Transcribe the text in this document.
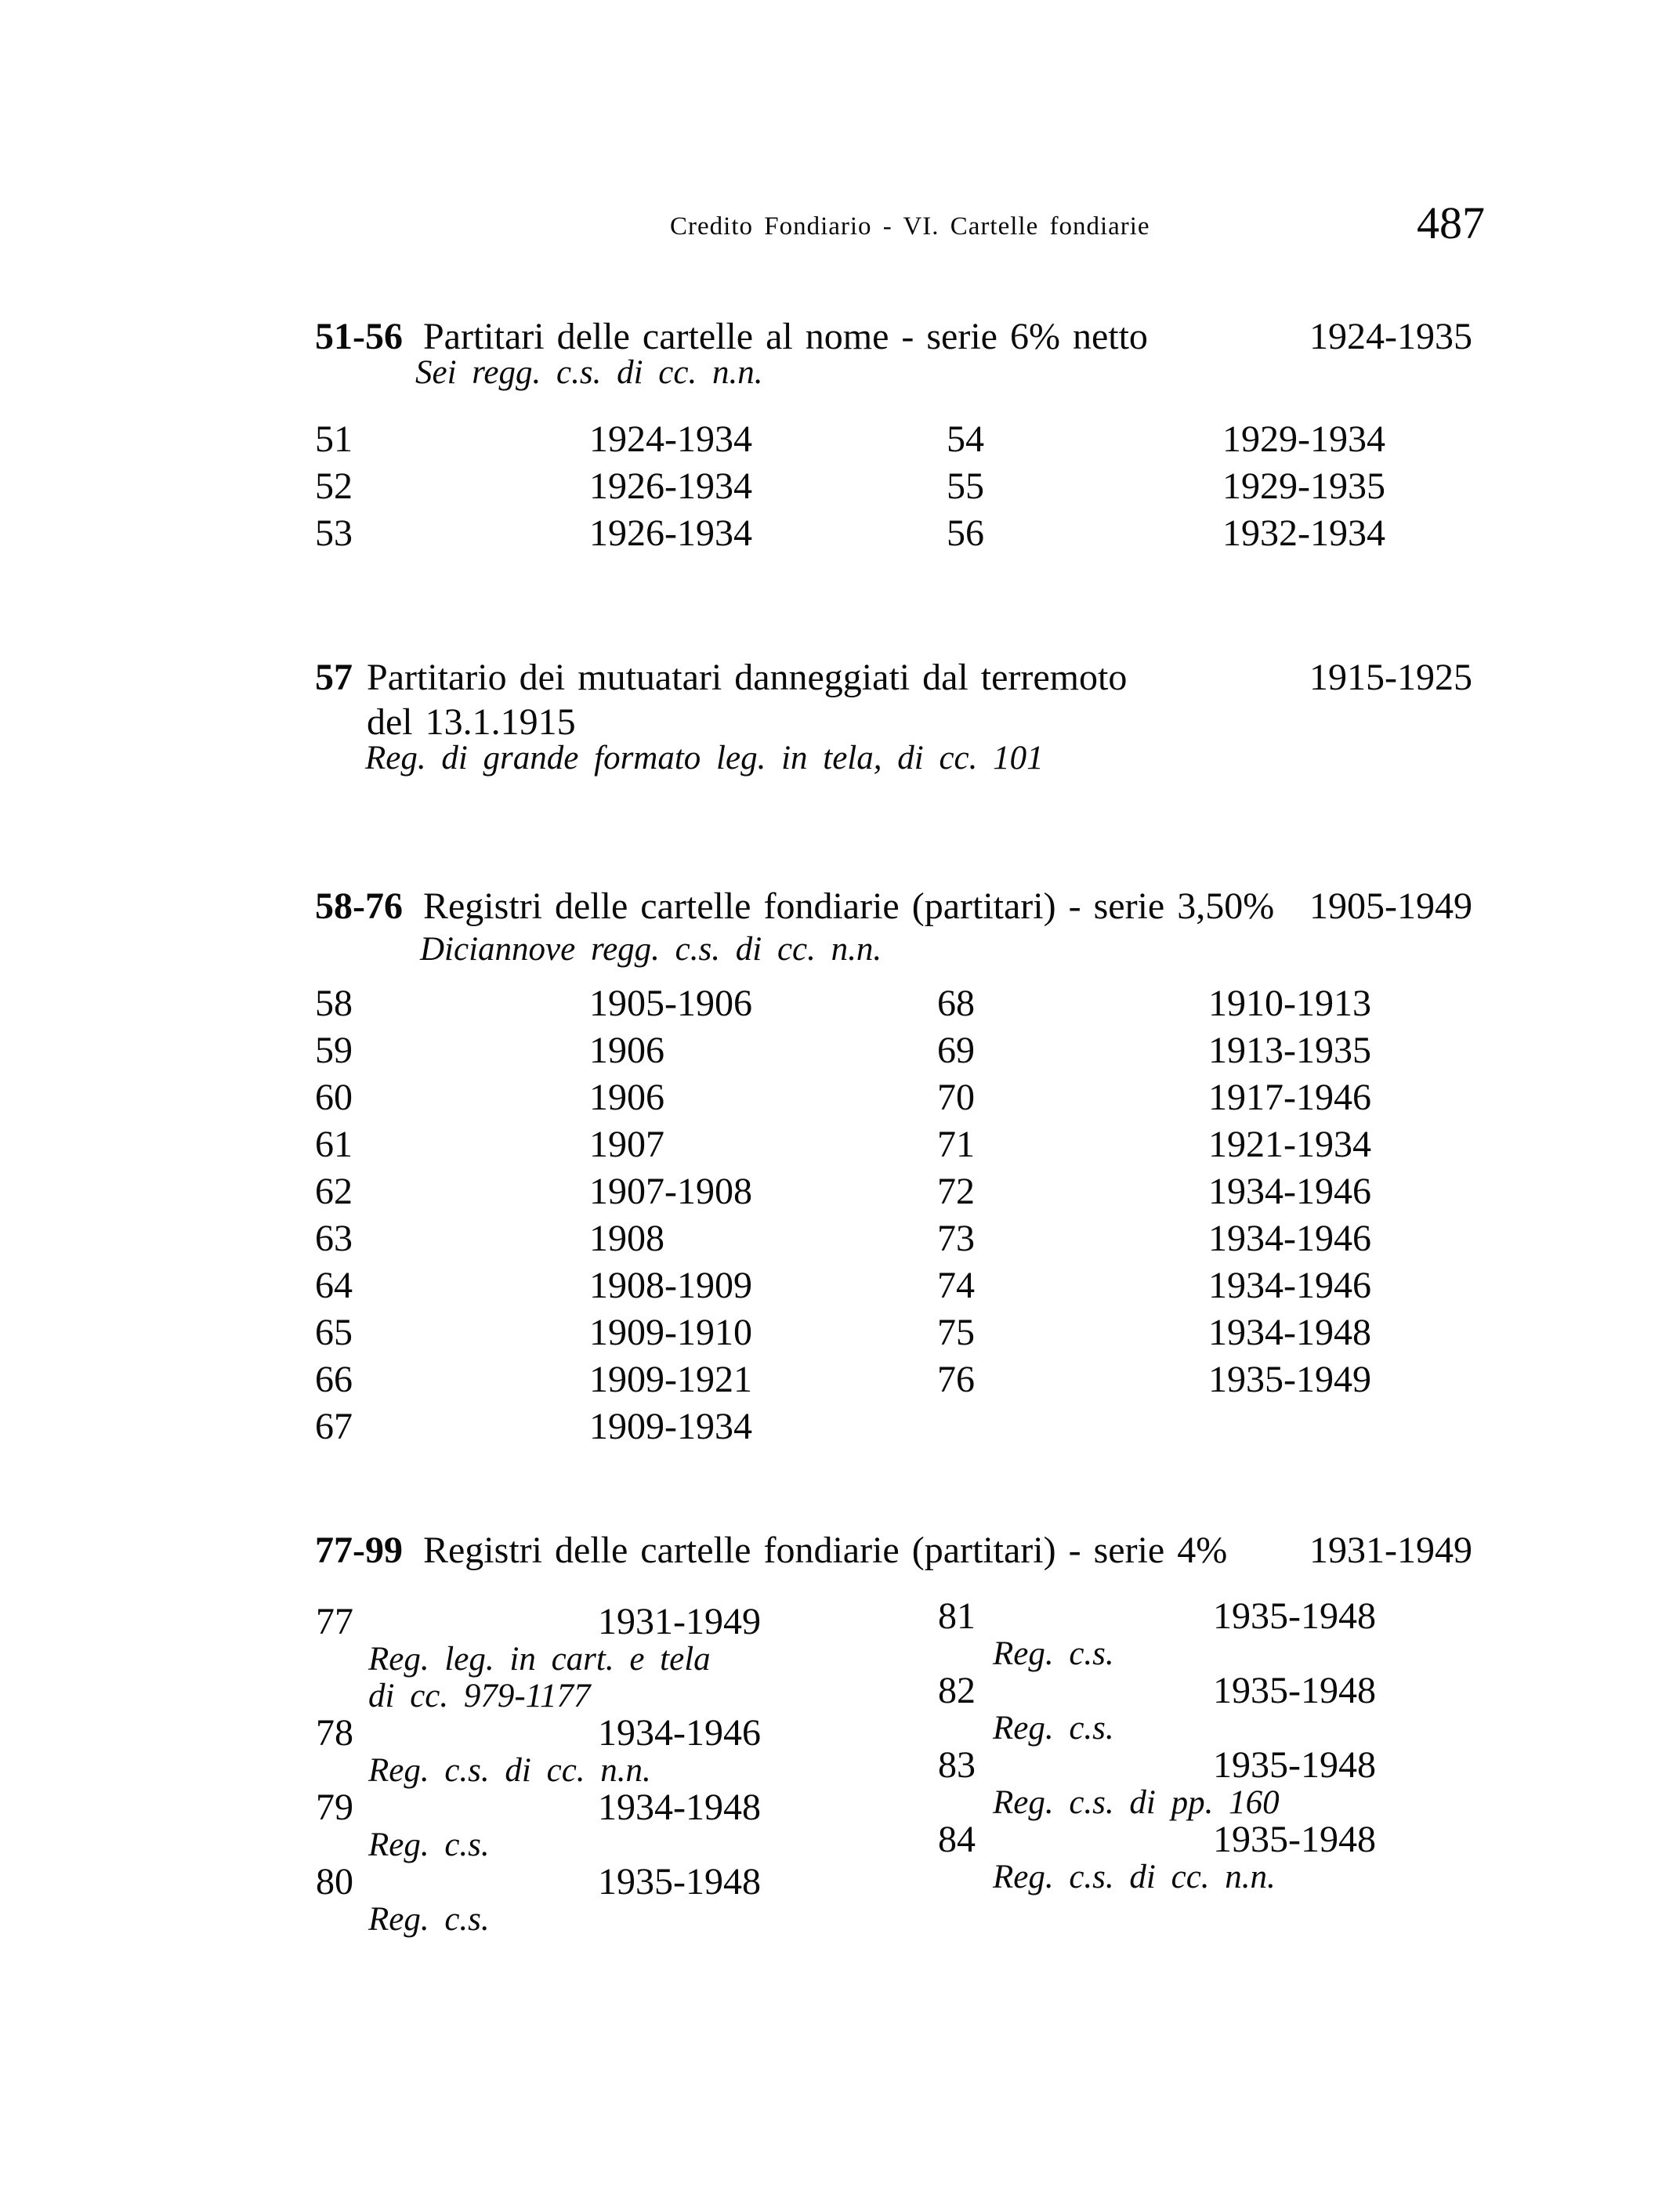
Credito Fondiario - VI. Cartelle fondiarie	487
51-56 Partitari delle cartelle al nome - serie 6% netto	1924-1935
Sei regg. c.s. di cc. n.n.
51	1924-1934
52	1926-1934
53	1926-1934
54	1929-1934
55	1929-1935
56	1932-1934
57 Partitario dei mutuatari danneggiati dal terremoto
del 13.1.1915
1915-1925
Reg. di grande formato leg. in tela, di cc. 101
58-76 Registri delle cartelle fondiarie (partitari) - serie 3,50% 1905-1949
Diciannove regg. c.s. di cc. n.n.
58	1905-1906
59	1906
60	1906
61	1907
62	1907-1908
63	1908
64	1908-1909
65	1909-1910
66	1909-1921
67	1909-1934
68	1910-1913
69	1913-1935
70	1917-1946
71	1921-1934
72	1934-1946
73	1934-1946
74	1934-1946
75	1934-1948
76	1935-1949
77-99 Registri delle cartelle fondiarie (partitari) - serie 4% 1931-1949
77	1931-1949
Reg. leg. in cart. e tela
di cc. 979-1177
78	1934-1946
Reg. c.s. di cc. n.n.
79	1934-1948
Reg. c.s.
80	1935-1948
Reg. c.s.
81	1935-1948
Reg. c.s.
82	1935-1948
Reg. c.s.
83	1935-1948
Reg. c.s. di pp. 160
84	1935-1948
Reg. c.s. di cc. n.n.
